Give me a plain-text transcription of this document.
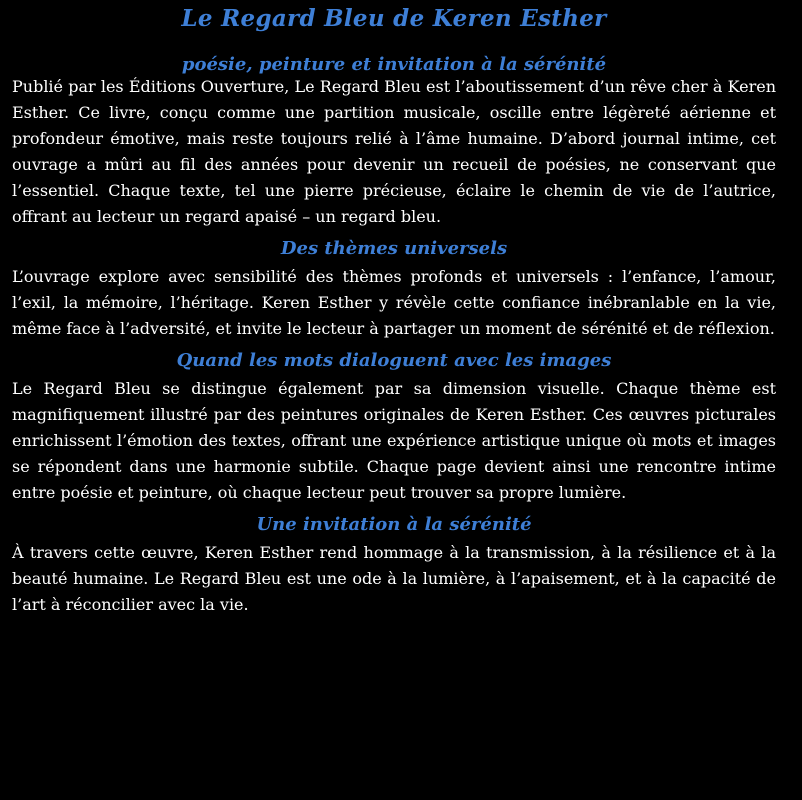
Le Regard Bleu de Keren Esther
poésie, peinture et invitation à la sérénité

Publié par les Éditions Ouverture, Le Regard Bleu est l’aboutissement d’un rêve cher à Keren Esther. Ce livre, conçu comme une partition musicale, oscille entre légèreté aérienne et profondeur émotive, mais reste toujours relié à l’âme humaine. D’abord journal intime, cet ouvrage a mûri au fil des années pour devenir un recueil de poésies, ne conservant que l’essentiel. Chaque texte, tel une pierre précieuse, éclaire le chemin de vie de l’autrice, offrant au lecteur un regard apaisé – un regard bleu.

Des thèmes universels

L’ouvrage explore avec sensibilité des thèmes profonds et universels : l’enfance, l’amour, l’exil, la mémoire, l’héritage. Keren Esther y révèle cette confiance inébranlable en la vie, même face à l’adversité, et invite le lecteur à partager un moment de sérénité et de réflexion.

Quand les mots dialoguent avec les images

Le Regard Bleu se distingue également par sa dimension visuelle. Chaque thème est magnifiquement illustré par des peintures originales de Keren Esther. Ces œuvres picturales enrichissent l’émotion des textes, offrant une expérience artistique unique où mots et images se répondent dans une harmonie subtile. Chaque page devient ainsi une rencontre intime entre poésie et peinture, où chaque lecteur peut trouver sa propre lumière.

Une invitation à la sérénité

À travers cette œuvre, Keren Esther rend hommage à la transmission, à la résilience et à la beauté humaine. Le Regard Bleu est une ode à la lumière, à l’apaisement, et à la capacité de l’art à réconcilier avec la vie.
